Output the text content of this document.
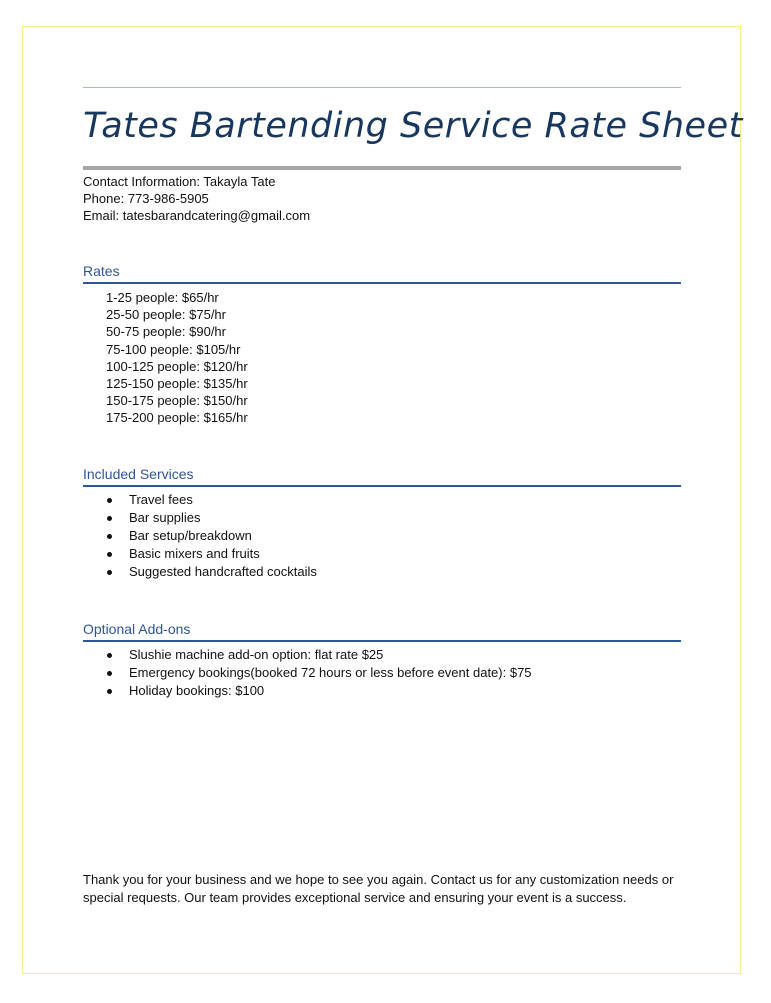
Tates Bartending Service Rate Sheet
Contact Information: Takayla Tate
Phone: 773-986-5905
Email: tatesbarandcatering@gmail.com
Rates
1-25 people: $65/hr
25-50 people: $75/hr
50-75 people: $90/hr
75-100 people: $105/hr
100-125 people: $120/hr
125-150 people: $135/hr
150-175 people: $150/hr
175-200 people: $165/hr
Included Services
Travel fees
Bar supplies
Bar setup/breakdown
Basic mixers and fruits
Suggested handcrafted cocktails
Optional Add-ons
Slushie machine add-on option: flat rate $25
Emergency bookings(booked 72 hours or less before event date): $75
Holiday bookings: $100

Thank you for your business and we hope to see you again. Contact us for any customization needs or special requests. Our team provides exceptional service and ensuring your event is a success.
